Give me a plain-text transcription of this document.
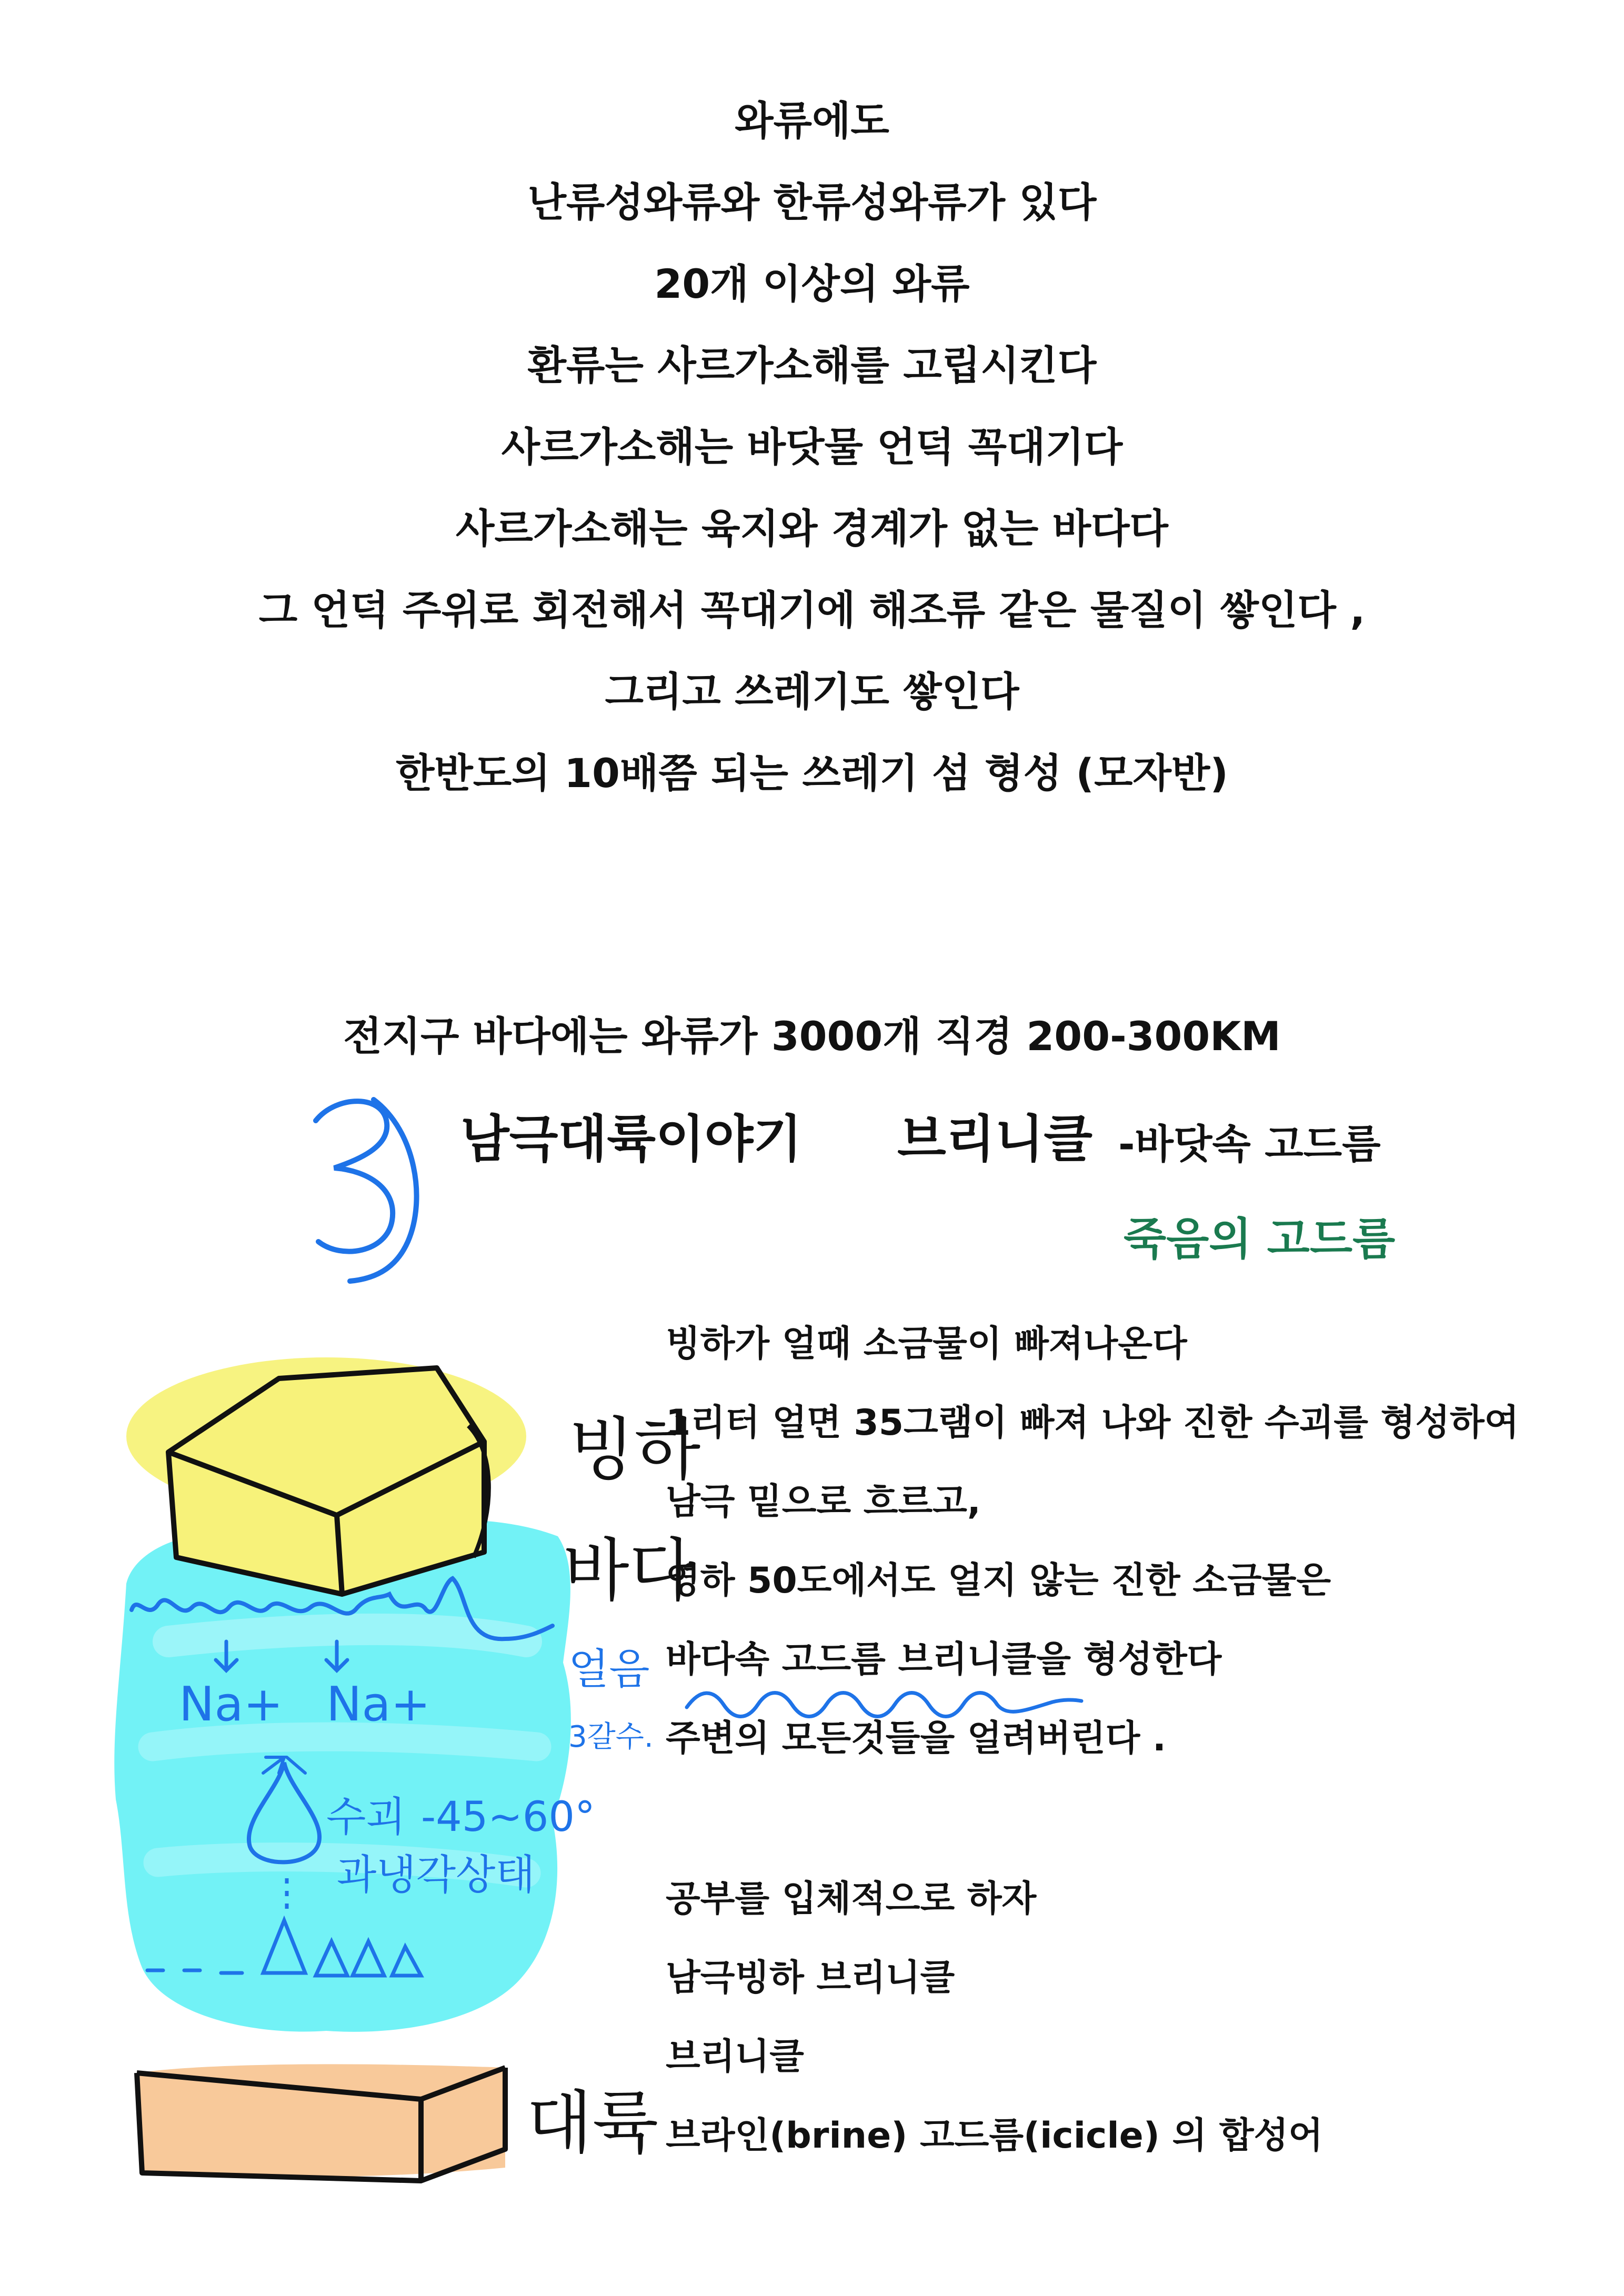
와류에도
난류성와류와 한류성와류가 있다
20개 이상의 와류
환류는 사르가소해를 고립시킨다
사르가소해는 바닷물 언덕 꼭대기다
사르가소해는 육지와 경계가 없는 바다다
그 언덕 주위로 회전해서 꼭대기에 해조류 같은 물질이 쌓인다 ,
그리고 쓰레기도 쌓인다
한반도의 10배쯤 되는 쓰레기 섬 형성 (모자반)
전지구 바다에는 와류가 3000개 직경 200-300KM
남극대륙이야기 브리니클 -바닷속 고드름
죽음의 고드름
빙하가 얼때 소금물이 빠져나온다
1리터 얼면 35그램이 빠져 나와 진한 수괴를 형성하여
남극 밑으로 흐르고,
영하 50도에서도 얼지 않는 진한 소금물은
바다속 고드름 브리니클을 형성한다
주변의 모든것들을 얼려버린다 .
공부를 입체적으로 하자
남극빙하 브리니클
브리니클
브라인(brine) 고드름(icicle) 의 합성어
Na+ Na+
빙하
바다
얼음
3갈수.
수괴 -45~60°
과냉각상태
대륙
